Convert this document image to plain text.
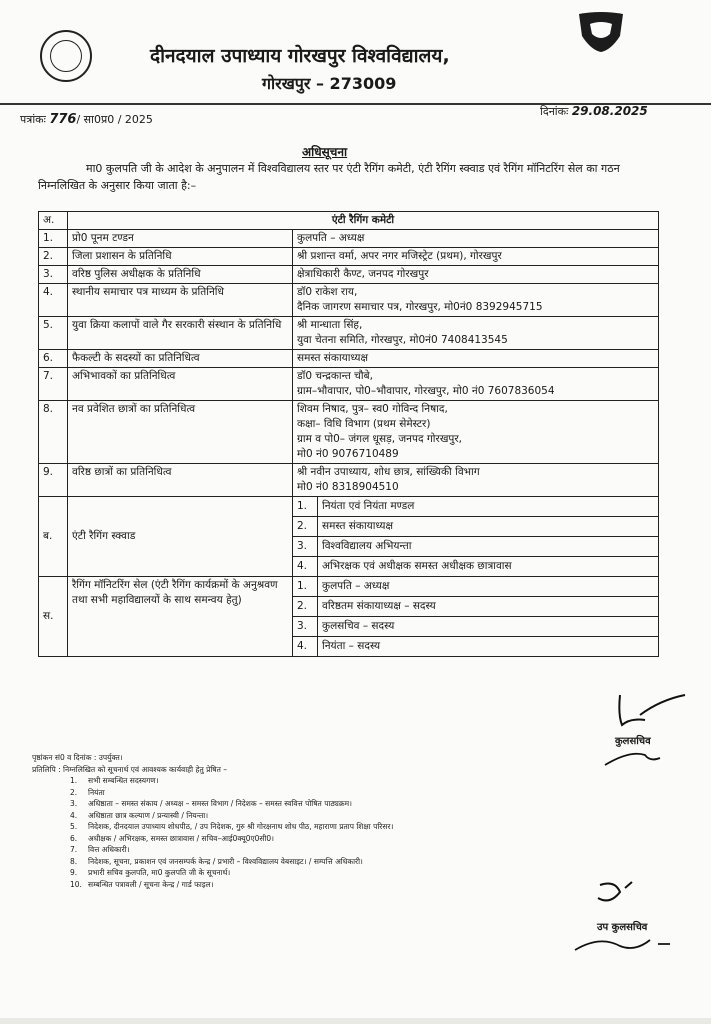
दीनदयाल उपाध्याय गोरखपुर विश्वविद्यालय,
गोरखपुर – 273009
पत्रांकः 776/ सा0प्र0 / 2025
दिनांकः 29.08.2025
अधिसूचना
मा0 कुलपति जी के आदेश के अनुपालन में विश्वविद्यालय स्तर पर एंटी रैगिंग कमेटी, एंटी रैगिंग स्क्वाड एवं रैगिंग मॉनिटरिंग सेल का गठन निम्नलिखित के अनुसार किया जाता है:–
अ.	एंटी रैगिंग कमेटी
1.	प्रो0 पूनम टण्डन	कुलपति – अध्यक्ष

2.	जिला प्रशासन के प्रतिनिधि	श्री प्रशान्त वर्मा, अपर नगर मजिस्ट्रेट (प्रथम), गोरखपुर

3.	वरिष्ठ पुलिस अधीक्षक के प्रतिनिधि	क्षेत्राधिकारी कैण्ट, जनपद गोरखपुर

4.	स्थानीय समाचार पत्र माध्यम के प्रतिनिधि	डॉ0 राकेश राय,
दैनिक जागरण समाचार पत्र, गोरखपुर, मो0नं0 8392945715

5.	युवा क्रिया कलापों वाले गैर सरकारी संस्थान के प्रतिनिधि	श्री मान्धाता सिंह,
युवा चेतना समिति, गोरखपुर, मो0नं0 7408413545

6.	फैकल्टी के सदस्यों का प्रतिनिधित्व	समस्त संकायाध्यक्ष

7.	अभिभावकों का प्रतिनिधित्व	डॉ0 चन्द्रकान्त चौबे,
ग्राम–भौवापार, पो0–भौवापार, गोरखपुर, मो0 नं0 7607836054

8.	नव प्रवेशित छात्रों का प्रतिनिधित्व	शिवम निषाद, पुत्र– स्व0 गोविन्द निषाद,
कक्षा– विधि विभाग (प्रथम सेमेस्टर)
ग्राम व पो0– जंगल धूसड़, जनपद गोरखपुर,
मो0 नं0 9076710489

9.	वरिष्ठ छात्रों का प्रतिनिधित्व	श्री नवीन उपाध्याय, शोध छात्र, सांख्यिकी विभाग
मो0 नं0 8318904510

ब.	एंटी रैगिंग स्क्वाड	
1.	नियंता एवं नियंता मण्डल
2.	समस्त संकायाध्यक्ष
3.	विश्वविद्यालय अभियन्ता
4.	अभिरक्षक एवं अधीक्षक समस्त अधीक्षक छात्रावास

स.	रैगिंग मॉनिटरिंग सेल (एंटी रैगिंग कार्यक्रमों के अनुश्रवण तथा सभी महाविद्यालयों के साथ समन्वय हेतु)	
1.	कुलपति – अध्यक्ष
2.	वरिष्ठतम संकायाध्यक्ष – सदस्य
3.	कुलसचिव – सदस्य
4.	नियंता – सदस्य
कुलसचिव
पृष्ठांकन सं0 व दिनांक : उपर्युक्त।
प्रतिलिपि : निम्नलिखित को सूचनार्थ एवं आवश्यक कार्यवाही हेतु प्रेषित –
1. सभी सम्बन्धित सदस्यगण।
2. नियंता
3. अधिष्ठाता – समस्त संकाय / अध्यक्ष – समस्त विभाग / निदेशक – समस्त स्ववित्त पोषित पाठ्यक्रम।
4. अधिष्ठाता छात्र कल्याण / प्रन्यास्वी / नियन्ता।
5. निदेशक, दीनदयाल उपाध्याय शोधपीठ, / उप निदेशक, गुरु श्री गोरक्षनाथ शोध पीठ, महाराणा प्रताप शिक्षा परिसर।
6. अधीक्षक / अभिरक्षक, समस्त छात्रावास / सचिव–आई0क्यू0ए0सी0।
7. वित्त अधिकारी।
8. निदेशक, सूचना, प्रकाशन एवं जनसम्पर्क केन्द्र / प्रभारी – विश्वविद्यालय वेबसाइट। / सम्पत्ति अधिकारी।
9. प्रभारी सचिव कुलपति, मा0 कुलपति जी के सूचनार्थ।
10. सम्बन्धित पत्रावली / सूचना केन्द्र / गार्ड फाइल।
उप कुलसचिव
